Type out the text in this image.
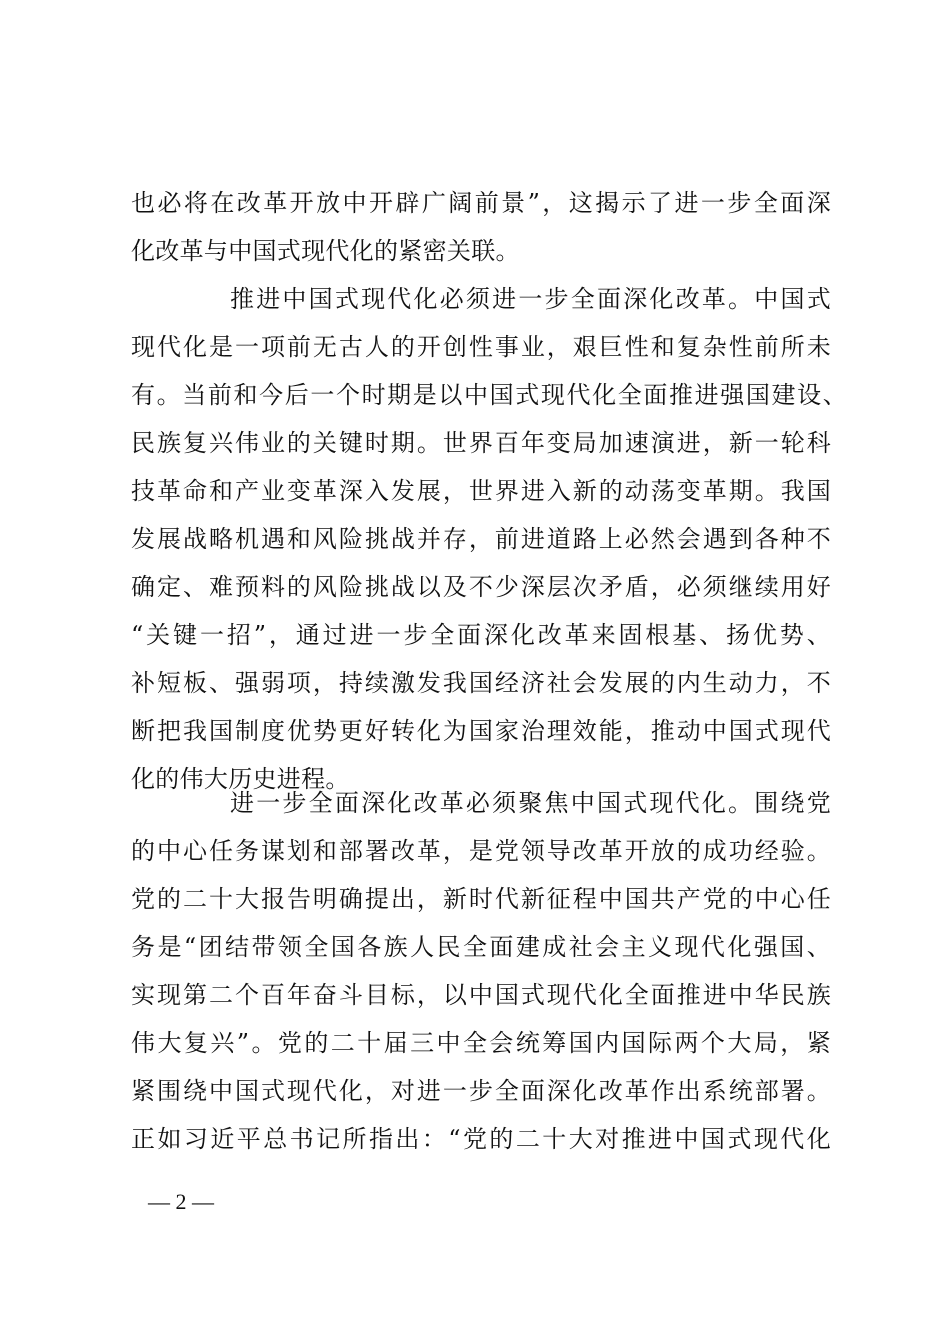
也必将在改革开放中开辟广阔前景”，这揭示了进一步全面深
化改革与中国式现代化的紧密关联。
推进中国式现代化必须进一步全面深化改革。中国式
现代化是一项前无古人的开创性事业，艰巨性和复杂性前所未
有。当前和今后一个时期是以中国式现代化全面推进强国建设、
民族复兴伟业的关键时期。世界百年变局加速演进，新一轮科
技革命和产业变革深入发展，世界进入新的动荡变革期。我国
发展战略机遇和风险挑战并存，前进道路上必然会遇到各种不
确定、难预料的风险挑战以及不少深层次矛盾，必须继续用好
“关键一招”，通过进一步全面深化改革来固根基、扬优势、
补短板、强弱项，持续激发我国经济社会发展的内生动力，不
断把我国制度优势更好转化为国家治理效能，推动中国式现代
化的伟大历史进程。
进一步全面深化改革必须聚焦中国式现代化。围绕党
的中心任务谋划和部署改革，是党领导改革开放的成功经验。
党的二十大报告明确提出，新时代新征程中国共产党的中心任
务是“团结带领全国各族人民全面建成社会主义现代化强国、
实现第二个百年奋斗目标，以中国式现代化全面推进中华民族
伟大复兴”。党的二十届三中全会统筹国内国际两个大局，紧
紧围绕中国式现代化，对进一步全面深化改革作出系统部署。
正如习近平总书记所指出：“党的二十大对推进中国式现代化
— 2 —
